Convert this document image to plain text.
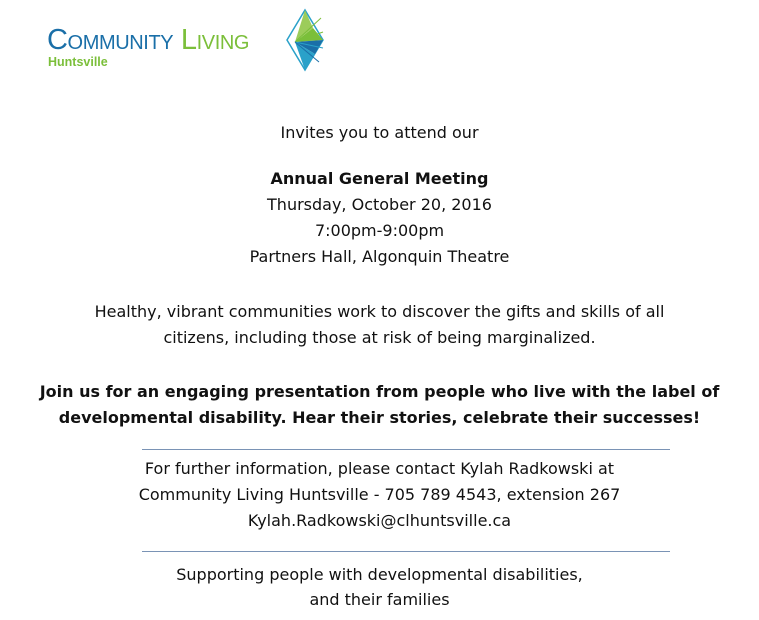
Community Living
Huntsville
Invites you to attend our
Annual General Meeting
Thursday, October 20, 2016
7:00pm-9:00pm
Partners Hall, Algonquin Theatre
Healthy, vibrant communities work to discover the gifts and skills of all
citizens, including those at risk of being marginalized.
Join us for an engaging presentation from people who live with the label of
developmental disability. Hear their stories, celebrate their successes!
For further information, please contact Kylah Radkowski at
Community Living Huntsville - 705 789 4543, extension 267
Kylah.Radkowski@clhuntsville.ca
Supporting people with developmental disabilities,
and their families
